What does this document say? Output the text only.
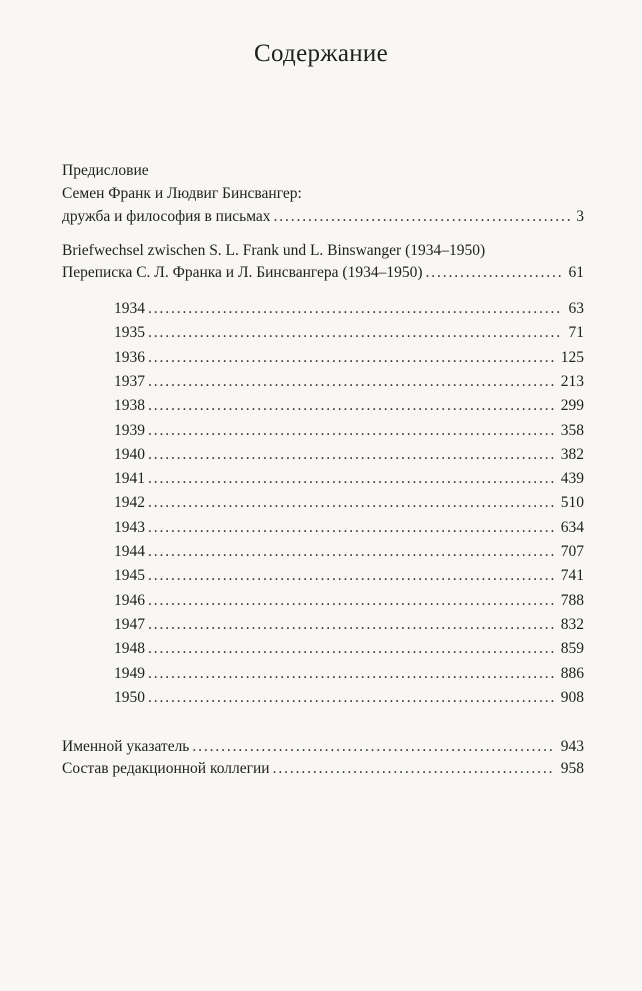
Содержание
Предисловие
Семен Франк и Людвиг Бинсвангер:
дружба и философия в письмах . . .	3
Briefwechsel zwischen S. L. Frank und L. Binswanger (1934–1950)
Переписка С. Л. Франка и Л. Бинсвангера (1934–1950) . . .	61
1934 . . .	63
1935 . . .	71
1936 . . .	125
1937 . . .	213
1938 . . .	299
1939 . . .	358
1940 . . .	382
1941 . . .	439
1942 . . .	510
1943 . . .	634
1944 . . .	707
1945 . . .	741
1946 . . .	788
1947 . . .	832
1948 . . .	859
1949 . . .	886
1950 . . .	908
Именной указатель . . .	943
Состав редакционной коллегии . . .	958
